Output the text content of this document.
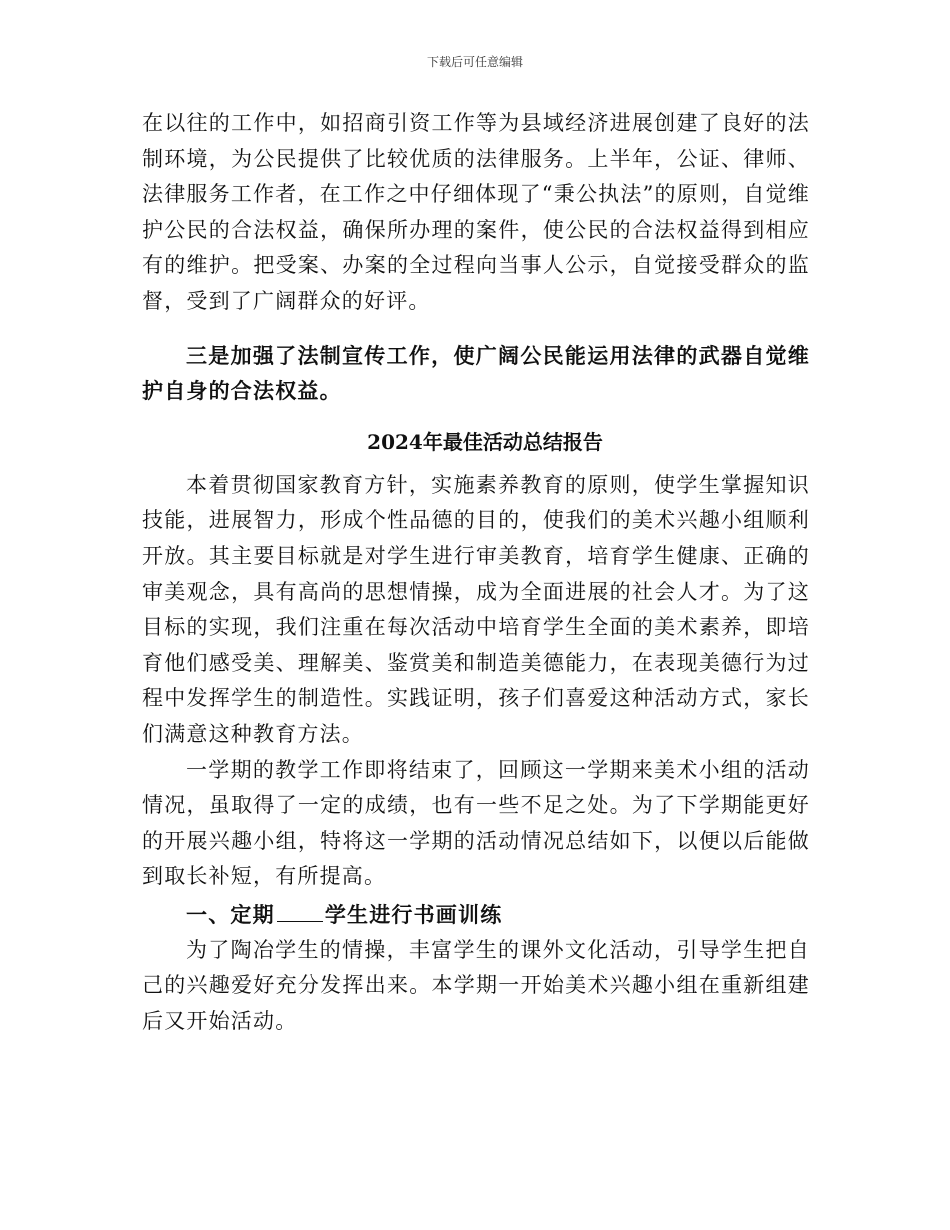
下载后可任意编辑

在以往的工作中，如招商引资工作等为县域经济进展创建了良好的法制环境，为公民提供了比较优质的法律服务。上半年，公证、律师、法律服务工作者，在工作之中仔细体现了“秉公执法”的原则，自觉维护公民的合法权益，确保所办理的案件，使公民的合法权益得到相应有的维护。把受案、办案的全过程向当事人公示，自觉接受群众的监督，受到了广阔群众的好评。

三是加强了法制宣传工作，使广阔公民能运用法律的武器自觉维护自身的合法权益。

2024年最佳活动总结报告

本着贯彻国家教育方针，实施素养教育的原则，使学生掌握知识技能，进展智力，形成个性品德的目的，使我们的美术兴趣小组顺利开放。其主要目标就是对学生进行审美教育，培育学生健康、正确的审美观念，具有高尚的思想情操，成为全面进展的社会人才。为了这目标的实现，我们注重在每次活动中培育学生全面的美术素养，即培育他们感受美、理解美、鉴赏美和制造美德能力，在表现美德行为过程中发挥学生的制造性。实践证明，孩子们喜爱这种活动方式，家长们满意这种教育方法。

一学期的教学工作即将结束了，回顾这一学期来美术小组的活动情况，虽取得了一定的成绩，也有一些不足之处。为了下学期能更好的开展兴趣小组，特将这一学期的活动情况总结如下，以便以后能做到取长补短，有所提高。

一、定期 学生进行书画训练

为了陶冶学生的情操，丰富学生的课外文化活动，引导学生把自己的兴趣爱好充分发挥出来。本学期一开始美术兴趣小组在重新组建后又开始活动。
